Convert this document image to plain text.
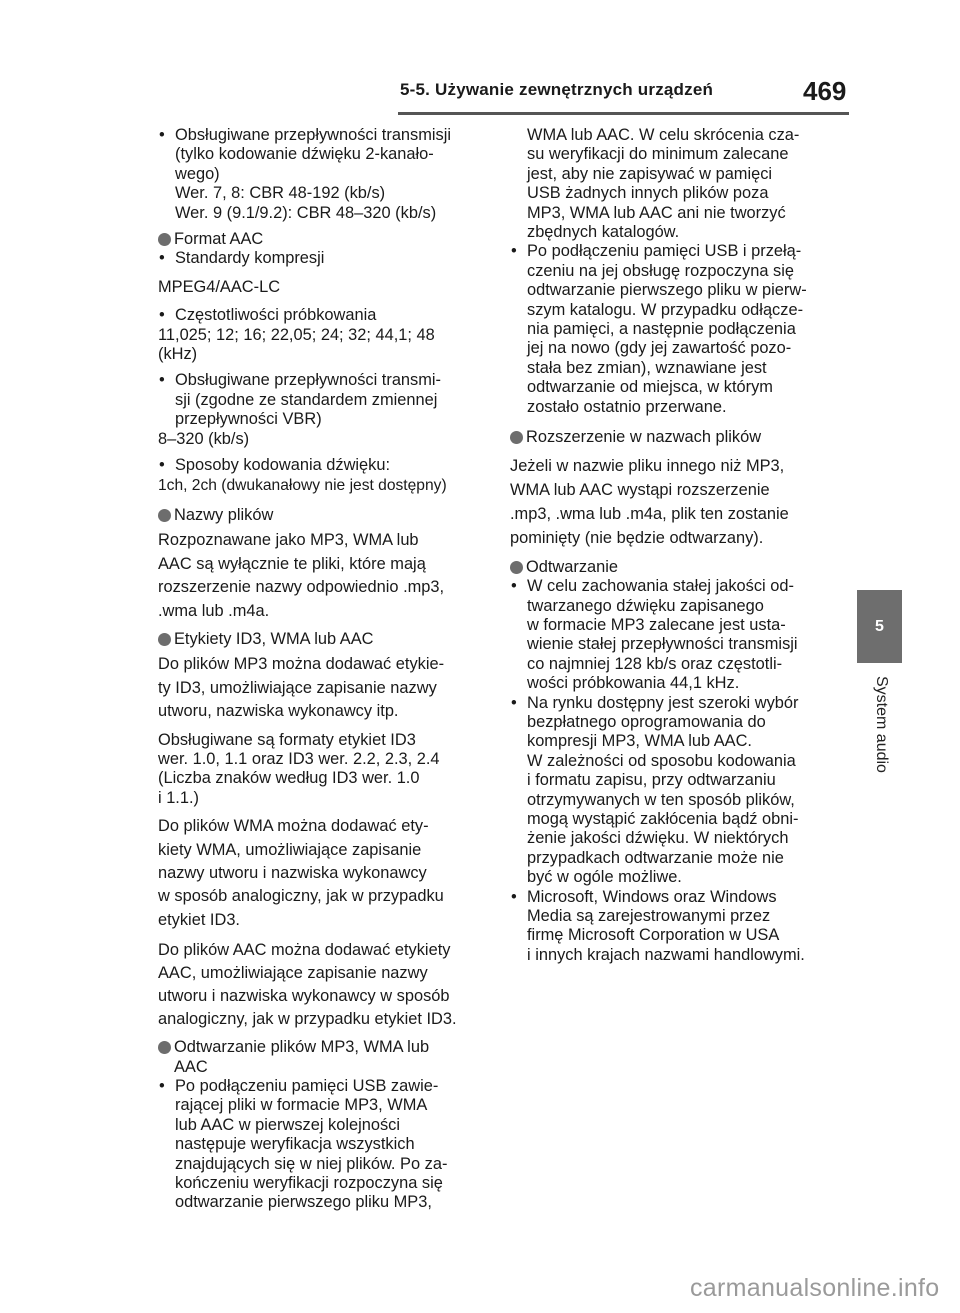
5-5. Używanie zewnętrznych urządzeń	469
5
System audio
• Obsługiwane przepływności transmisji
(tylko kodowanie dźwięku 2-kanało-
wego)
Wer. 7, 8: CBR 48-192 (kb/s)
Wer. 9 (9.1/9.2): CBR 48–320 (kb/s)
Format AAC
• Standardy kompresji
MPEG4/AAC-LC
• Częstotliwości próbkowania
11,025; 12; 16; 22,05; 24; 32; 44,1; 48
(kHz)
• Obsługiwane przepływności transmi-
sji (zgodne ze standardem zmiennej
przepływności VBR)
8–320 (kb/s)
• Sposoby kodowania dźwięku:
1ch, 2ch (dwukanałowy nie jest dostępny)
Nazwy plików
Rozpoznawane jako MP3, WMA lub
AAC są wyłącznie te pliki, które mają
rozszerzenie nazwy odpowiednio .mp3,
.wma lub .m4a.
Etykiety ID3, WMA lub AAC
Do plików MP3 można dodawać etykie-
ty ID3, umożliwiające zapisanie nazwy
utworu, nazwiska wykonawcy itp.
Obsługiwane są formaty etykiet ID3
wer. 1.0, 1.1 oraz ID3 wer. 2.2, 2.3, 2.4
(Liczba znaków według ID3 wer. 1.0
i 1.1.)
Do plików WMA można dodawać ety-
kiety WMA, umożliwiające zapisanie
nazwy utworu i nazwiska wykonawcy
w sposób analogiczny, jak w przypadku
etykiet ID3.
Do plików AAC można dodawać etykiety
AAC, umożliwiające zapisanie nazwy
utworu i nazwiska wykonawcy w sposób
analogiczny, jak w przypadku etykiet ID3.
Odtwarzanie plików MP3, WMA lub
AAC
• Po podłączeniu pamięci USB zawie-
rającej pliki w formacie MP3, WMA
lub AAC w pierwszej kolejności
następuje weryfikacja wszystkich
znajdujących się w niej plików. Po za-
kończeniu weryfikacji rozpoczyna się
odtwarzanie pierwszego pliku MP3,
WMA lub AAC. W celu skrócenia cza-
su weryfikacji do minimum zalecane
jest, aby nie zapisywać w pamięci
USB żadnych innych plików poza
MP3, WMA lub AAC ani nie tworzyć
zbędnych katalogów.
• Po podłączeniu pamięci USB i przełą-
czeniu na jej obsługę rozpoczyna się
odtwarzanie pierwszego pliku w pierw-
szym katalogu. W przypadku odłącze-
nia pamięci, a następnie podłączenia
jej na nowo (gdy jej zawartość pozo-
stała bez zmian), wznawiane jest
odtwarzanie od miejsca, w którym
zostało ostatnio przerwane.
Rozszerzenie w nazwach plików
Jeżeli w nazwie pliku innego niż MP3,
WMA lub AAC wystąpi rozszerzenie
.mp3, .wma lub .m4a, plik ten zostanie
pominięty (nie będzie odtwarzany).
Odtwarzanie
• W celu zachowania stałej jakości od-
twarzanego dźwięku zapisanego
w formacie MP3 zalecane jest usta-
wienie stałej przepływności transmisji
co najmniej 128 kb/s oraz częstotli-
wości próbkowania 44,1 kHz.
• Na rynku dostępny jest szeroki wybór
bezpłatnego oprogramowania do
kompresji MP3, WMA lub AAC.
W zależności od sposobu kodowania
i formatu zapisu, przy odtwarzaniu
otrzymywanych w ten sposób plików,
mogą wystąpić zakłócenia bądź obni-
żenie jakości dźwięku. W niektórych
przypadkach odtwarzanie może nie
być w ogóle możliwe.
• Microsoft, Windows oraz Windows
Media są zarejestrowanymi przez
firmę Microsoft Corporation w USA
i innych krajach nazwami handlowymi.
carmanualsonline.info
